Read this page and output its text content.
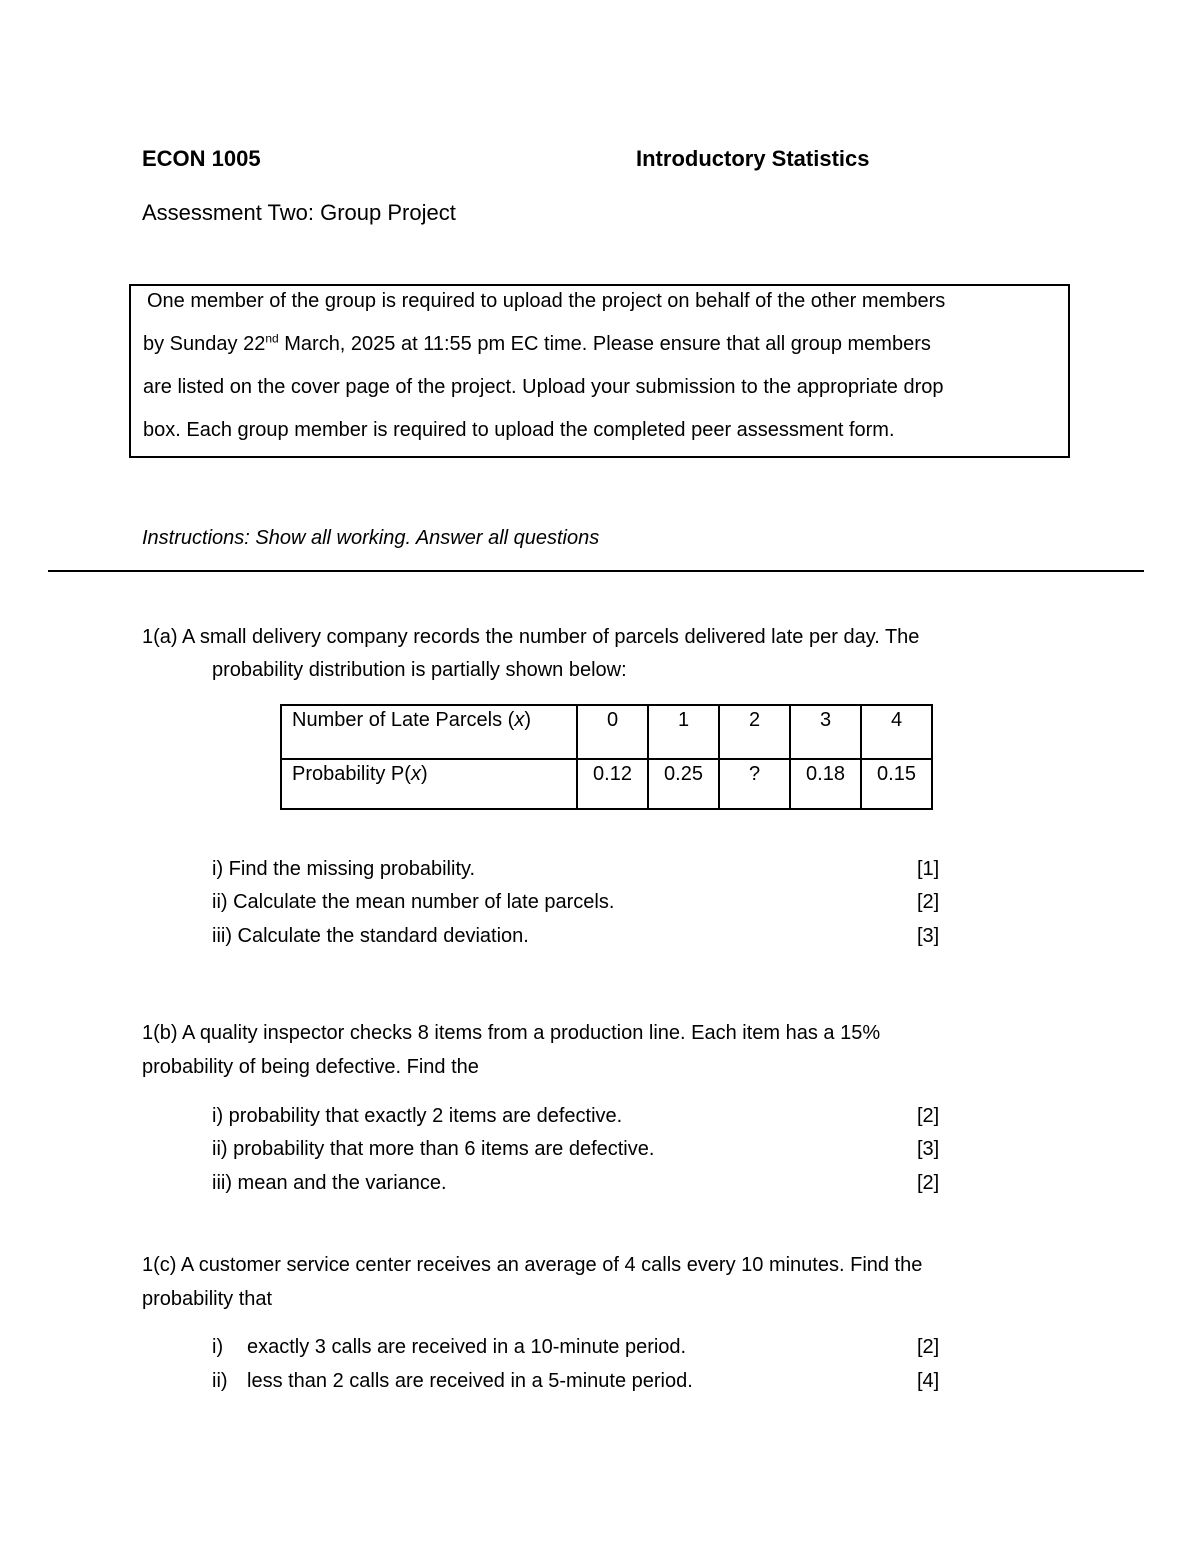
ECON 1005	Introductory Statistics
Assessment Two: Group Project
One member of the group is required to upload the project on behalf of the other members
by Sunday 22nd March, 2025 at 11:55 pm EC time. Please ensure that all group members
are listed on the cover page of the project. Upload your submission to the appropriate drop
box. Each group member is required to upload the completed peer assessment form.
Instructions: Show all working. Answer all questions
1(a) A small delivery company records the number of parcels delivered late per day. The
probability distribution is partially shown below:
Number of Late Parcels (x)	0	1	2	3	4
Probability P(x)	0.12	0.25	?	0.18	0.15
i) Find the missing probability.	[1]
ii) Calculate the mean number of late parcels.	[2]
iii) Calculate the standard deviation.	[3]
1(b) A quality inspector checks 8 items from a production line. Each item has a 15%
probability of being defective. Find the
i) probability that exactly 2 items are defective.	[2]
ii) probability that more than 6 items are defective.	[3]
iii) mean and the variance.	[2]
1(c) A customer service center receives an average of 4 calls every 10 minutes. Find the
probability that
i) exactly 3 calls are received in a 10-minute period.	[2]
ii) less than 2 calls are received in a 5-minute period.	[4]
